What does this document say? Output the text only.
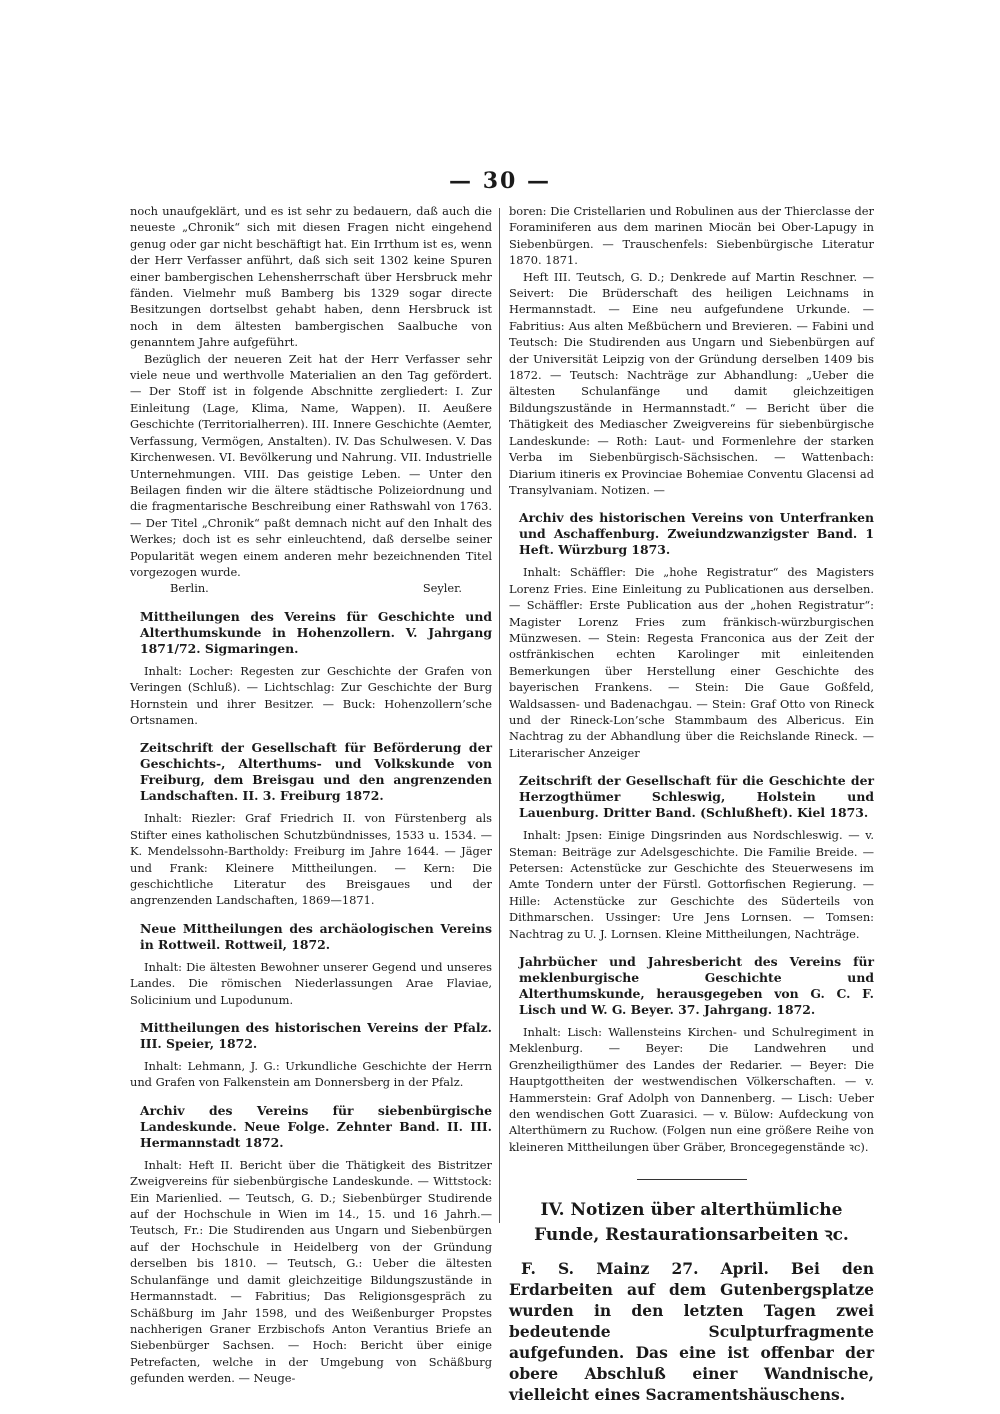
— 30 —

noch unaufgeklärt, und es ist sehr zu bedauern, daß auch die neueste „Chronik“ sich mit diesen Fragen nicht eingehend genug oder gar nicht beschäftigt hat. Ein Irrthum ist es, wenn der Herr Verfasser anführt, daß sich seit 1302 keine Spuren einer bambergischen Lehensherrschaft über Hersbruck mehr fänden. Vielmehr muß Bamberg bis 1329 sogar directe Besitzungen dortselbst gehabt haben, denn Hersbruck ist noch in dem ältesten bambergischen Saalbuche von genanntem Jahre aufgeführt.

Bezüglich der neueren Zeit hat der Herr Verfasser sehr viele neue und werthvolle Materialien an den Tag gefördert. — Der Stoff ist in folgende Abschnitte zergliedert: I. Zur Einleitung (Lage, Klima, Name, Wappen). II. Aeußere Geschichte (Territorialherren). III. Innere Geschichte (Aemter, Verfassung, Vermögen, Anstalten). IV. Das Schulwesen. V. Das Kirchenwesen. VI. Bevölkerung und Nahrung. VII. Industrielle Unternehmungen. VIII. Das geistige Leben. — Unter den Beilagen finden wir die ältere städtische Polizeiordnung und die fragmentarische Beschreibung einer Rathswahl von 1763. — Der Titel „Chronik“ paßt demnach nicht auf den Inhalt des Werkes; doch ist es sehr einleuchtend, daß derselbe seiner Popularität wegen einem anderen mehr bezeichnenden Titel vorgezogen wurde.

Berlin.	Seyler.

Mittheilungen des Vereins für Geschichte und Alterthumskunde in Hohenzollern. V. Jahrgang 1871/72. Sigmaringen.

Inhalt: Locher: Regesten zur Geschichte der Grafen von Veringen (Schluß). — Lichtschlag: Zur Geschichte der Burg Hornstein und ihrer Besitzer. — Buck: Hohenzollern’sche Ortsnamen.

Zeitschrift der Gesellschaft für Beförderung der Geschichts-, Alterthums- und Volkskunde von Freiburg, dem Breisgau und den angrenzenden Landschaften. II. 3. Freiburg 1872.

Inhalt: Riezler: Graf Friedrich II. von Fürstenberg als Stifter eines katholischen Schutzbündnisses, 1533 u. 1534. — K. Mendelssohn-Bartholdy: Freiburg im Jahre 1644. — Jäger und Frank: Kleinere Mittheilungen. — Kern: Die geschichtliche Literatur des Breisgaues und der angrenzenden Landschaften, 1869—1871.

Neue Mittheilungen des archäologischen Vereins in Rottweil. Rottweil, 1872.

Inhalt: Die ältesten Bewohner unserer Gegend und unseres Landes. Die römischen Niederlassungen Arae Flaviae, Solicinium und Lupodunum.

Mittheilungen des historischen Vereins der Pfalz. III. Speier, 1872.

Inhalt: Lehmann, J. G.: Urkundliche Geschichte der Herrn und Grafen von Falkenstein am Donnersberg in der Pfalz.

Archiv des Vereins für siebenbürgische Landeskunde. Neue Folge. Zehnter Band. II. III. Hermannstadt 1872.

Inhalt: Heft II. Bericht über die Thätigkeit des Bistritzer Zweigvereins für siebenbürgische Landeskunde. — Wittstock: Ein Marienlied. — Teutsch, G. D.; Siebenbürger Studirende auf der Hochschule in Wien im 14., 15. und 16 Jahrh.— Teutsch, Fr.: Die Studirenden aus Ungarn und Siebenbürgen auf der Hochschule in Heidelberg von der Gründung derselben bis 1810. — Teutsch, G.: Ueber die ältesten Schulanfänge und damit gleichzeitige Bildungszustände in Hermannstadt. — Fabritius; Das Religionsgespräch zu Schäßburg im Jahr 1598, und des Weißenburger Propstes nachherigen Graner Erzbischofs Anton Verantius Briefe an Siebenbürger Sachsen. — Hoch: Bericht über einige Petrefacten, welche in der Umgebung von Schäßburg gefunden werden. — Neuge-

boren: Die Cristellarien und Robulinen aus der Thierclasse der Foraminiferen aus dem marinen Miocän bei Ober-Lapugy in Siebenbürgen. — Trauschenfels: Siebenbürgische Literatur 1870. 1871.

Heft III. Teutsch, G. D.; Denkrede auf Martin Reschner. — Seivert: Die Brüderschaft des heiligen Leichnams in Hermannstadt. — Eine neu aufgefundene Urkunde. — Fabritius: Aus alten Meßbüchern und Brevieren. — Fabini und Teutsch: Die Studirenden aus Ungarn und Siebenbürgen auf der Universität Leipzig von der Gründung derselben 1409 bis 1872. — Teutsch: Nachträge zur Abhandlung: „Ueber die ältesten Schulanfänge und damit gleichzeitigen Bildungszustände in Hermannstadt.“ — Bericht über die Thätigkeit des Mediascher Zweigvereins für siebenbürgische Landeskunde: — Roth: Laut- und Formenlehre der starken Verba im Siebenbürgisch-Sächsischen. — Wattenbach: Diarium itineris ex Provinciae Bohemiae Conventu Glacensi ad Transylvaniam. Notizen. —

Archiv des historischen Vereins von Unterfranken und Aschaffenburg. Zweiundzwanzigster Band. 1 Heft. Würzburg 1873.

Inhalt: Schäffler: Die „hohe Registratur“ des Magisters Lorenz Fries. Eine Einleitung zu Publicationen aus derselben. — Schäffler: Erste Publication aus der „hohen Registratur“: Magister Lorenz Fries zum fränkisch-würzburgischen Münzwesen. — Stein: Regesta Franconica aus der Zeit der ostfränkischen echten Karolinger mit einleitenden Bemerkungen über Herstellung einer Geschichte des bayerischen Frankens. — Stein: Die Gaue Goßfeld, Waldsassen- und Badenachgau. — Stein: Graf Otto von Rineck und der Rineck-Lon’sche Stammbaum des Albericus. Ein Nachtrag zu der Abhandlung über die Reichslande Rineck. — Literarischer Anzeiger

Zeitschrift der Gesellschaft für die Geschichte der Herzogthümer Schleswig, Holstein und Lauenburg. Dritter Band. (Schlußheft). Kiel 1873.

Inhalt: Jpsen: Einige Dingsrinden aus Nordschleswig. — v. Steman: Beiträge zur Adelsgeschichte. Die Familie Breide. — Petersen: Actenstücke zur Geschichte des Steuerwesens im Amte Tondern unter der Fürstl. Gottorfischen Regierung. — Hille: Actenstücke zur Geschichte des Süderteils von Dithmarschen. Ussinger: Ure Jens Lornsen. — Tomsen: Nachtrag zu U. J. Lornsen. Kleine Mittheilungen, Nachträge.

Jahrbücher und Jahresbericht des Vereins für meklenburgische Geschichte und Alterthumskunde, herausgegeben von G. C. F. Lisch und W. G. Beyer. 37. Jahrgang. 1872.

Inhalt: Lisch: Wallensteins Kirchen- und Schulregiment in Meklenburg. — Beyer: Die Landwehren und Grenzheiligthümer des Landes der Redarier. — Beyer: Die Hauptgottheiten der westwendischen Völkerschaften. — v. Hammerstein: Graf Adolph von Dannenberg. — Lisch: Ueber den wendischen Gott Zuarasici. — v. Bülow: Aufdeckung von Alterthümern zu Ruchow. (Folgen nun eine größere Reihe von kleineren Mittheilungen über Gräber, Broncegegenstände ꝛc).

IV. Notizen über alterthümliche Funde, Restaurationsarbeiten ꝛc.

F. S. Mainz 27. April. Bei den Erdarbeiten auf dem Gutenbergsplatze wurden in den letzten Tagen zwei bedeutende Sculpturfragmente aufgefunden. Das eine ist offenbar der obere Abschluß einer Wandnische, vielleicht eines Sacramentshäuschens.
